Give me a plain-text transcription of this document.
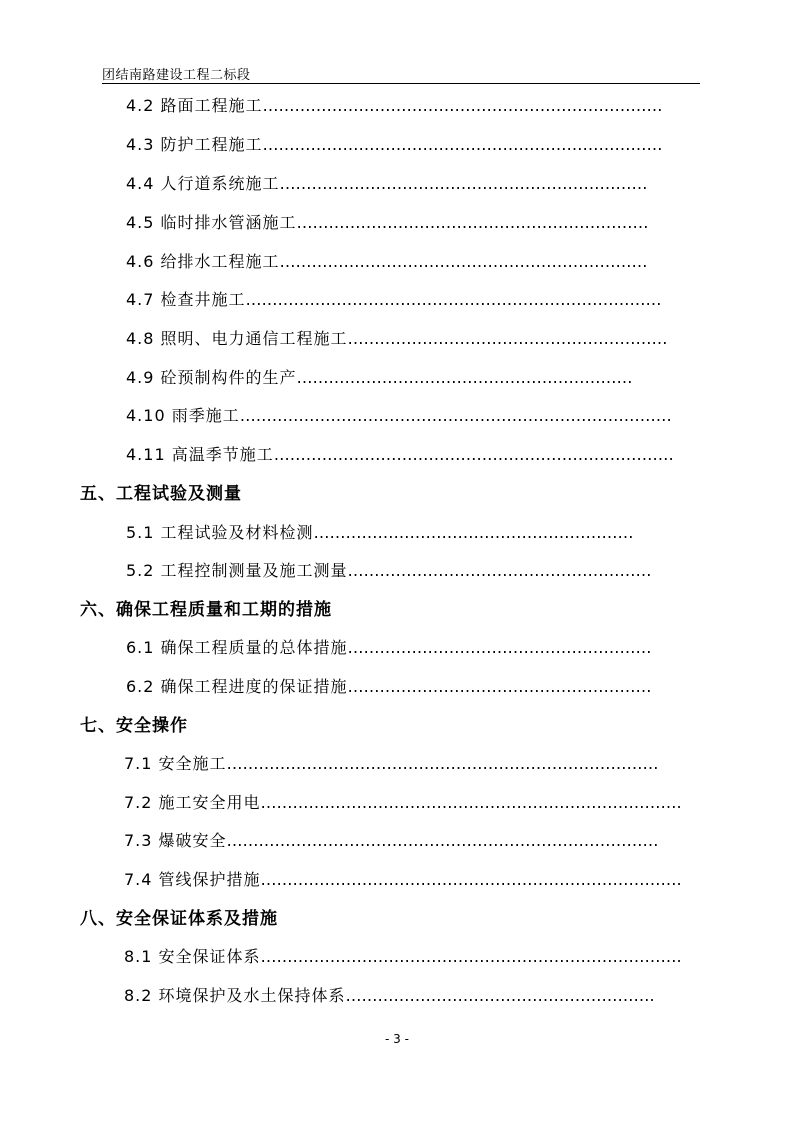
团结南路建设工程二标段
4.2 路面工程施工…………………………………………………………………
4.3 防护工程施工…………………………………………………………………
4.4 人行道系统施工……………………………………………………………
4.5 临时排水管涵施工…………………………………………………………
4.6 给排水工程施工……………………………………………………………
4.7 检查井施工……………………………………………………………………
4.8 照明、电力通信工程施工……………………………………………………
4.9 砼预制构件的生产………………………………………………………
4.10 雨季施工………………………………………………………………………
4.11 高温季节施工…………………………………………………………………
五、工程试验及测量
5.1 工程试验及材料检测……………………………………………………
5.2 工程控制测量及施工测量…………………………………………………
六、确保工程质量和工期的措施
6.1 确保工程质量的总体措施…………………………………………………
6.2 确保工程进度的保证措施…………………………………………………
七、安全操作
7.1 安全施工………………………………………………………………………
7.2 施工安全用电…………………………………………………………………….
7.3 爆破安全………………………………………………………………………
7.4 管线保护措施…………………………………………………………………….
八、安全保证体系及措施
8.1 安全保证体系…………………………………………………………………….
8.2 环境保护及水土保持体系………………………………………………….
- 3 -
